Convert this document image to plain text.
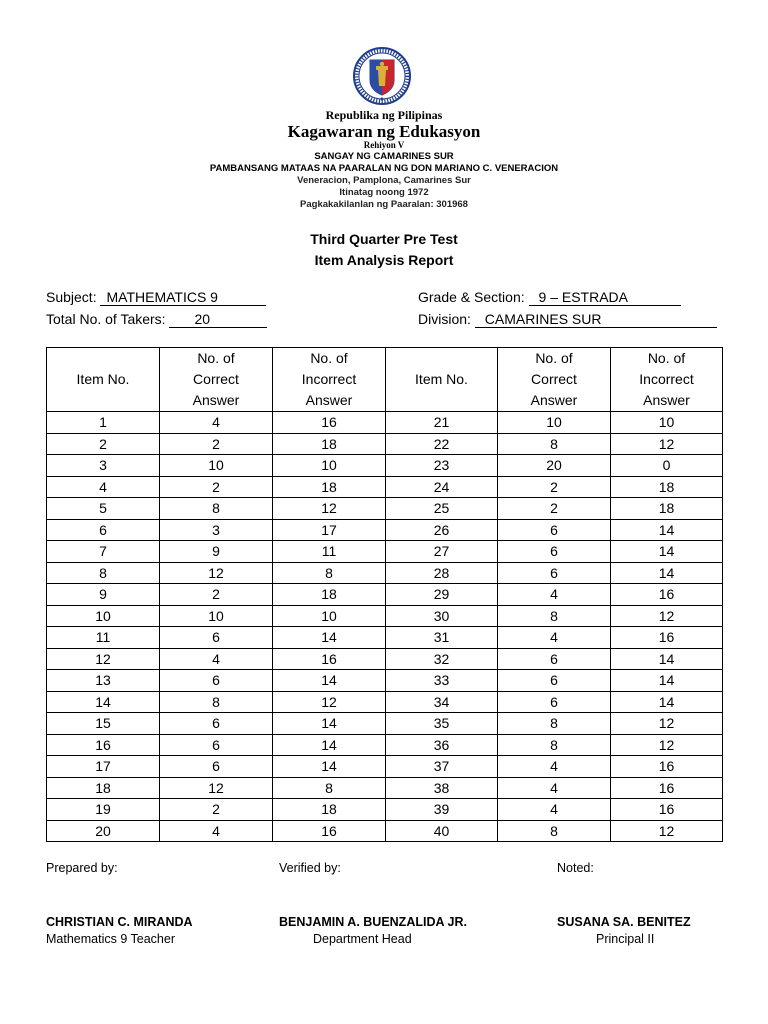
Republika ng Pilipinas
Kagawaran ng Edukasyon
Rehiyon V
SANGAY NG CAMARINES SUR
PAMBANSANG MATAAS NA PAARALAN NG DON MARIANO C. VENERACION
Veneracion, Pamplona, Camarines Sur
Itinatag noong 1972
Pagkakakilanlan ng Paaralan: 301968
Third Quarter Pre Test
Item Analysis Report
Subject: MATHEMATICS 9
Total No. of Takers: 20
Grade & Section: 9 – ESTRADA
Division: CAMARINES SUR
Item No.	No. of
Correct
Answer	No. of
Incorrect
Answer	Item No.	No. of
Correct
Answer	No. of
Incorrect
Answer
1	4	16	21	10	10
2	2	18	22	8	12
3	10	10	23	20	0
4	2	18	24	2	18
5	8	12	25	2	18
6	3	17	26	6	14
7	9	11	27	6	14
8	12	8	28	6	14
9	2	18	29	4	16
10	10	10	30	8	12
11	6	14	31	4	16
12	4	16	32	6	14
13	6	14	33	6	14
14	8	12	34	6	14
15	6	14	35	8	12
16	6	14	36	8	12
17	6	14	37	4	16
18	12	8	38	4	16
19	2	18	39	4	16
20	4	16	40	8	12
Prepared by:	Verified by:	Noted:
CHRISTIAN C. MIRANDA	BENJAMIN A. BUENZALIDA JR.	SUSANA SA. BENITEZ
Mathematics 9 Teacher	Department Head	Principal II
